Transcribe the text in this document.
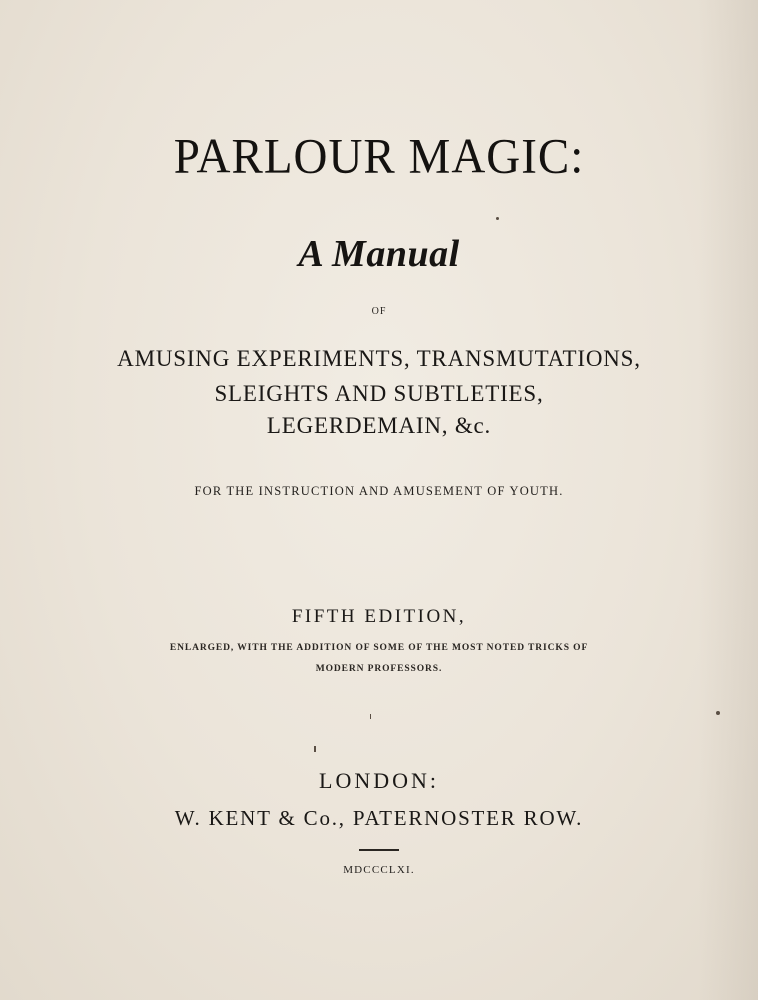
PARLOUR MAGIC:

A Manual

OF

AMUSING EXPERIMENTS, TRANSMUTATIONS,

SLEIGHTS AND SUBTLETIES,

LEGERDEMAIN, &c.

FOR THE INSTRUCTION AND AMUSEMENT OF YOUTH.

FIFTH EDITION,

ENLARGED, WITH THE ADDITION OF SOME OF THE MOST NOTED TRICKS OF

MODERN PROFESSORS.

LONDON:

W. KENT & Co., PATERNOSTER ROW.

MDCCCLXI.
